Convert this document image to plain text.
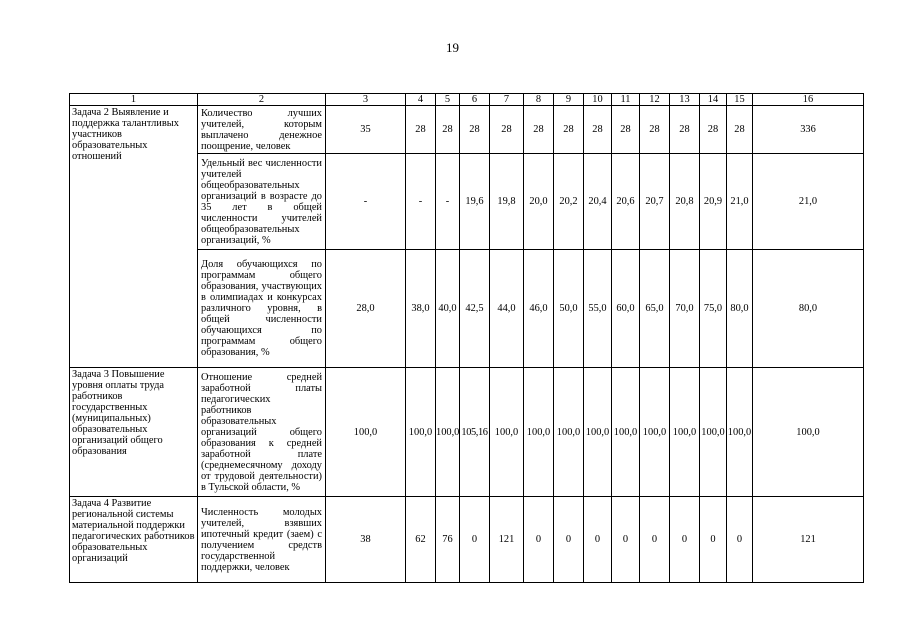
19
1	2	3	4	5	6	7	8	9	10	11	12	13	14	15	16
Задача 2 Выявление и поддержка талантливых участников образовательных отношений	Количество лучших учителей, которым выплачено денежное поощрение, человек	35	28	28	28	28	28	28	28	28	28	28	28	28	336
	Удельный вес численности учителей общеобразовательных организаций в возрасте до 35 лет в общей численности учителей общеобразовательных организаций, %	-	-	-	19,6	19,8	20,0	20,2	20,4	20,6	20,7	20,8	20,9	21,0	21,0
	Доля обучающихся по программам общего образования, участвующих в олимпиадах и конкурсах различного уровня, в общей численности обучающихся по программам общего образования, %	28,0	38,0	40,0	42,5	44,0	46,0	50,0	55,0	60,0	65,0	70,0	75,0	80,0	80,0
Задача 3 Повышение уровня оплаты труда работников государственных (муниципальных) образовательных организаций общего образования	Отношение средней заработной платы педагогических работников образовательных организаций общего образования к средней заработной плате (среднемесячному доходу от трудовой деятельности) в Тульской области, %	100,0	100,0	100,0	105,16	100,0	100,0	100,0	100,0	100,0	100,0	100,0	100,0	100,0	100,0
Задача 4 Развитие региональной системы материальной поддержки педагогических работников образовательных организаций	Численность молодых учителей, взявших ипотечный кредит (заем) с получением средств государственной поддержки, человек	38	62	76	0	121	0	0	0	0	0	0	0	0	121
